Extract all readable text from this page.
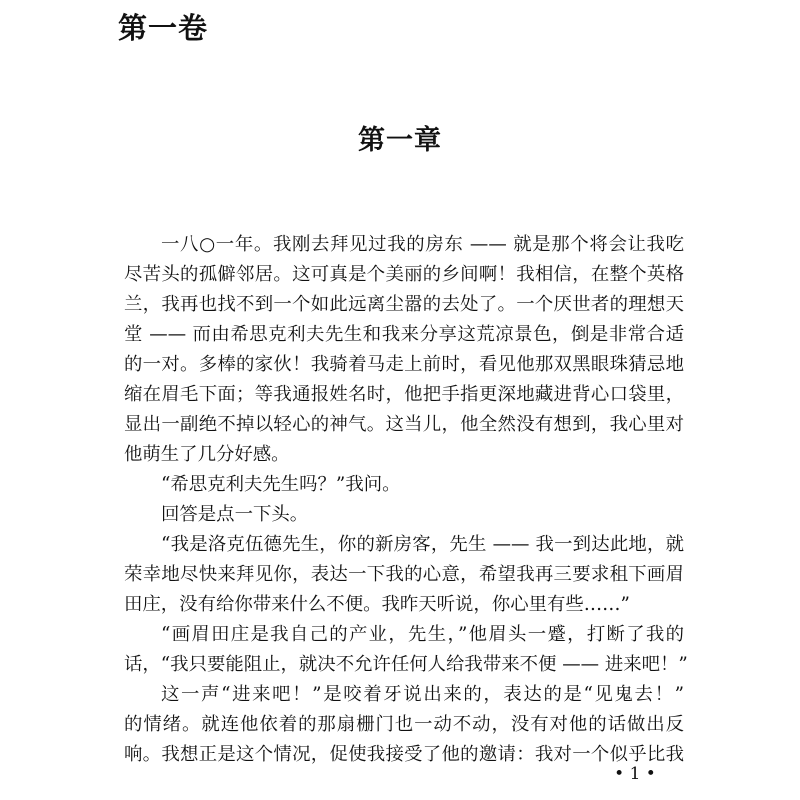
第一卷
第一章
一八○一年。我刚去拜见过我的房东 —— 就是那个将会让我吃
尽苦头的孤僻邻居。这可真是个美丽的乡间啊！我相信，在整个英格
兰，我再也找不到一个如此远离尘嚣的去处了。一个厌世者的理想天
堂 —— 而由希思克利夫先生和我来分享这荒凉景色，倒是非常合适
的一对。多棒的家伙！我骑着马走上前时，看见他那双黑眼珠猜忌地
缩在眉毛下面；等我通报姓名时，他把手指更深地藏进背心口袋里，
显出一副绝不掉以轻心的神气。这当儿，他全然没有想到，我心里对
他萌生了几分好感。
“希思克利夫先生吗？”我问。
回答是点一下头。
“我是洛克伍德先生，你的新房客，先生 —— 我一到达此地，就
荣幸地尽快来拜见你，表达一下我的心意，希望我再三要求租下画眉
田庄，没有给你带来什么不便。我昨天听说，你心里有些……”
“画眉田庄是我自己的产业，先生，”他眉头一蹙，打断了我的
话，“我只要能阻止，就决不允许任何人给我带来不便 —— 进来吧！”
这一声“进来吧！”是咬着牙说出来的，表达的是“见鬼去！”
的情绪。就连他依着的那扇栅门也一动不动，没有对他的话做出反
响。我想正是这个情况，促使我接受了他的邀请：我对一个似乎比我
• 1 •
